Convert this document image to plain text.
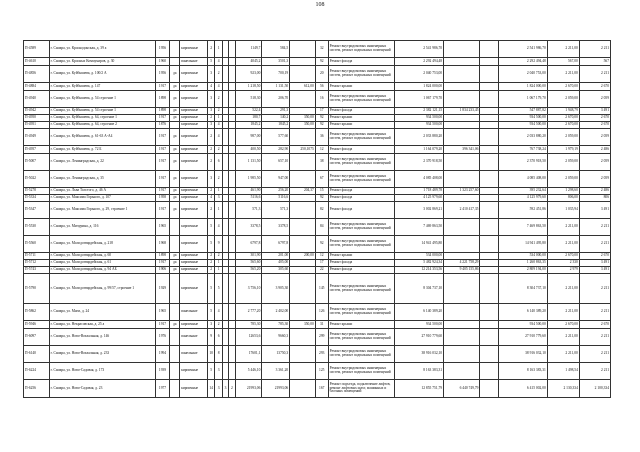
108
П-4589	г. Самара, ул. Краснодонская, д. 39 а	1956		кирпичные	2	1			1149,7	584,5		32	Ремонт внутридомовых инженерных систем, ремонт подвальных помещений	2 541 986,70			2 541 986,70	2 211,00	2 211
П-4610	г. Самара, ул. Красных Коммунаров, д. 30	1960		панельные	5	4			4045,2	3501,3		92	Ремонт фасада	2 292 494,48			2 292 494,48	567,00	567
П-4856	г. Самара, ул. Куйбышева, д. 100/2 А	1956	да	кирпичные	3	2			923,00	700,19		20	Ремонт внутридомовых инженерных систем, ремонт подвальных помещений	2 040 753,00			2 040 753,00	2 211,00	2 211
П-4884	г. Самара, ул. Куйбышева, д. 147	1917	да	кирпичные	4	4			1 218,50	1 131,50	612,00	56	Ремонт крыши	1 824 000,00			1 824 000,00	2 670,00	2 670
П-4940	г. Самара, ул. Куйбышева, д. 54 строение 1	1898	да	кирпичные	3	2			518,30	206,70		16	Ремонт внутридомовых инженерных систем, ремонт подвальных помещений	1 067 179,70			1 067 179,70	2 059,00	2 059
П-4942	г. Самара, ул. Куйбышева, д. 54 строение 1	1898	да	кирпичные	3	2			522,4	291,3		17	Ремонт фасада	2 382 121,15	1 834 233,45		547 887,82	1 948,79	3 491
П-4950	г. Самара, ул. Куйбышева, д. 64, строение 1	1917	да	кирпичные	2	1			180,7	140,2	350,00	92	Ремонт крыши	934 500,00			934 500,00	2 670,00	2 670
П-4951	г. Самара, ул. Куйбышева, д. 64, строение 2	1876		кирпичные	3	4			1845,2	1845,2	350,00	92	Ремонт крыши	934 500,00			934 500,00	2 670,00	2 670
П-4949	г. Самара, ул. Куйбышева, д. 61-63 А-А4	1917	да	кирпичные	2	4			987,00	577,60		36	Ремонт внутридомовых инженерных систем, ремонт подвальных помещений	2 033 880,20			2 033 880,20	2 059,00	2 059
П-4957	г. Самара, ул. Куйбышева, д. 72 Б	1917	да	кирпичные	2	2			400,50	282,90	250,1075	12	Ремонт фасада	1 164 079,20	396 341,06		767 738,24	1 979,19	2 486
П-5007	г. Самара, ул. Ленинградская, д. 22	1917	да	кирпичные	2	6			1 131,50	657,10		38	Ремонт внутридомовых инженерных систем, ремонт подвальных помещений	2 370 918,50			2 370 918,50	2 059,00	2 059
П-5022	г. Самара, ул. Ленинградская, д. 35	1917	да	кирпичные	3	2			1 985,50	947,00		67	Ремонт внутридомовых инженерных систем, ремонт подвальных помещений	4 085 408,00			4 085 408,00	2 059,00	2 059
П-5278	г. Самара, ул. Льва Толстого, д. 46 А	1917	да	кирпичные	2	1			461,90	256,20	204,37	15	Ремонт фасада	1 718 489,78	1 323 257,60		395 232,64	1 298,60	2 486
П-5334	г. Самара, ул. Максима Горького, д. 107	1958	да	кирпичные	4	3			5116,6	5116,6		92	Ремонт фасада	4 125 979,60			4 125 979,60	806,00	806
П-5347	г. Самара, ул. Максима Горького, д. 29, строение 1	1917	да	кирпичные	2	1			571,3	571,3		82	Ремонт фасада	3 002 869,21	2 410 417,35		592 451,86	1 035,94	3 491
П-5530	г. Самара, ул. Мичурина, д. 116	1965		кирпичные	5	4			3378,5	3378,5		84	Ремонт внутридомовых инженерных систем, ремонт подвальных помещений	7 469 863,50			7 469 863,50	2 211,00	2 211
П-5560	г. Самара, ул. Молодогвардейская, д. 218	1968		кирпичные	5	9			6797,8	6797,8		92	Ремонт внутридомовых инженерных систем, ремонт подвальных помещений	14 941 495,80			14 941 495,80	2 211,00	2 211
П-5711	г. Самара, ул. Молодогвардейская, д. 60	1898	да	кирпичные	2	2			301,90	201,00	200,00	12	Ремонт крыши	534 000,00			534 000,00	2 670,00	2 670
П-5712	г. Самара, ул. Молодогвардейская, д. 61	1917	да	кирпичные	2	1			565,60	405,00		17	Ремонт фасада	5 482 924,34	4 221 758,29		1 260 863,35	2 330	3 491
П-5743	г. Самара, ул. Молодогвардейская, д. 94 АБ	1906	да	кирпичные	2	1			565,20	305,60		22	Ремонт фасада	12 214 353,56	9 405 155,86		2 809 194,00	2 979	3 491
П-5790	г. Самара, ул. Молодогвардейская, д. 99/57, строение 1	1929		кирпичные	5	5			3 756,10	3 905,30		145	Ремонт внутридомовых инженерных систем, ремонт подвальных помещений	8 304 737,10			8 304 737,10	2 211,00	2 211
П-5862	г. Самара, ул. Мяги, д. 24	1965		панельные	5	4			2 777,20	2 402,00		126	Ремонт внутридомовых инженерных систем, ремонт подвальных помещений	6 140 389,20			6 140 389,20	2 211,00	2 211
П-5946	г. Самара, ул. Некрасовская, д. 25 а	1917	да	кирпичные	3	2			785,30	785,30	350,00	31	Ремонт крыши	934 500,00			934 500,00	2 670,00	2 670
П-6097	г. Самара, ул. Ново-Вокзальная, д. 146	1976		панельные	9	6			12653,6	9660,3		299	Ремонт внутридомовых инженерных систем, ремонт подвальных помещений	27 910 779,60			27 910 779,60	2 211,00	2 211
П-6140	г. Самара, ул. Ново-Вокзальная, д. 233	1994		панельные	10	8			17601,1	13750,3		293	Ремонт внутридомовых инженерных систем, ремонт подвальных помещений	38 916 032,10			38 916 032,10	2 211,00	2 211
П-6224	г. Самара, ул. Ново-Садовая, д. 173	1939		кирпичные	5	3			5 446,10	3 361,20		125	Ремонт внутридомовых инженерных систем, ремонт подвальных помещений	8 163 383,31			8 163 383,31	1 498,54	2 211
П-6256	г. Самара, ул. Ново-Садовая, д. 23	1977		кирпичные	14	3	3	2	21993,06	21993,06		167	Ремонт подъезда, подключение лифтов, ремонт лифтовых шахт, машинных и блочных помещений	12 855 751,79	6 440 749,79		6 415 002,00	2 130,334	2 100,334
